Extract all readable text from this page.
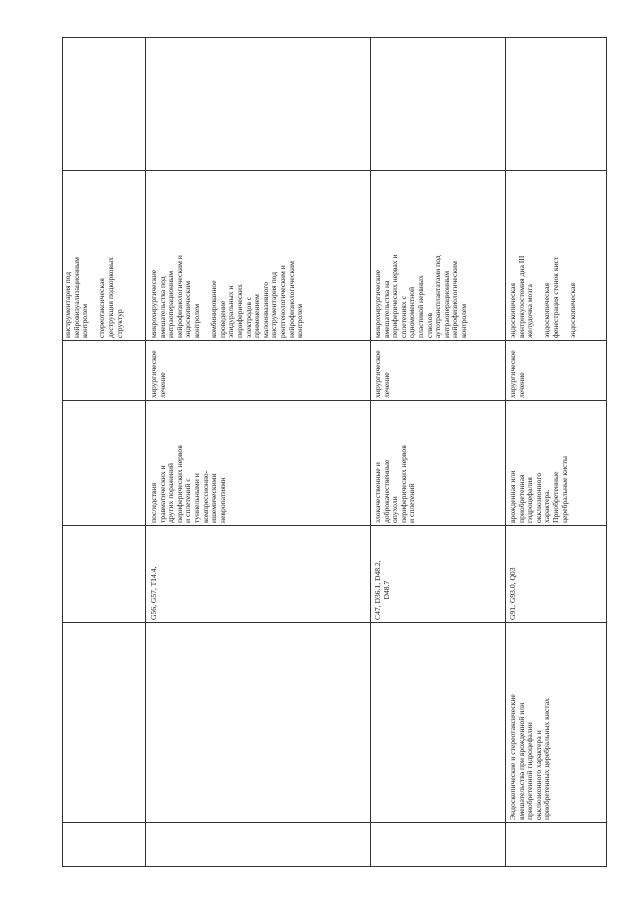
инструментария под нейровизуализационным контролем стереотаксическая деструкция подкорковых структур
G56, G57, T14.4,
последствия травматических и других поражений периферических нервов и сплетений с туннельными и компрессионно- ишемическими невропатиями
хирургическое лечение
микрохирургические вмешательства под интраоперационным нейрофизиологическим и эндоскопическим контролем комбинированное проведение эпидуральных и периферических электродов с применением малоинвазивного инструментария под рентгенологическим и нейрофизиологическим контролем
C47, D36.1, D48.2, D48.7
злокачественные и доброкачественные опухоли периферических нервов и сплетений
хирургическое лечение
микрохирургические вмешательства на периферических нервах и сплетениях с одномоментной пластикой нервных стволов аутотрансплантатами под интраоперационным нейрофизиологическим контролем
Эндоскопические и стереотаксические вмешательства при врожденной или приобретенной гидроцефалии окклюзионного характера и приобретенных церебральных кистах
G91, G93.0, Q03
врожденная или приобретенная гидроцефалия окклюзионного характера. Приобретенные церебральные кисты
хирургическое лечение
эндоскопическая вентрикулостомия дна III желудочка мозга эндоскопическая фенестрация стенок кист эндоскопическая
